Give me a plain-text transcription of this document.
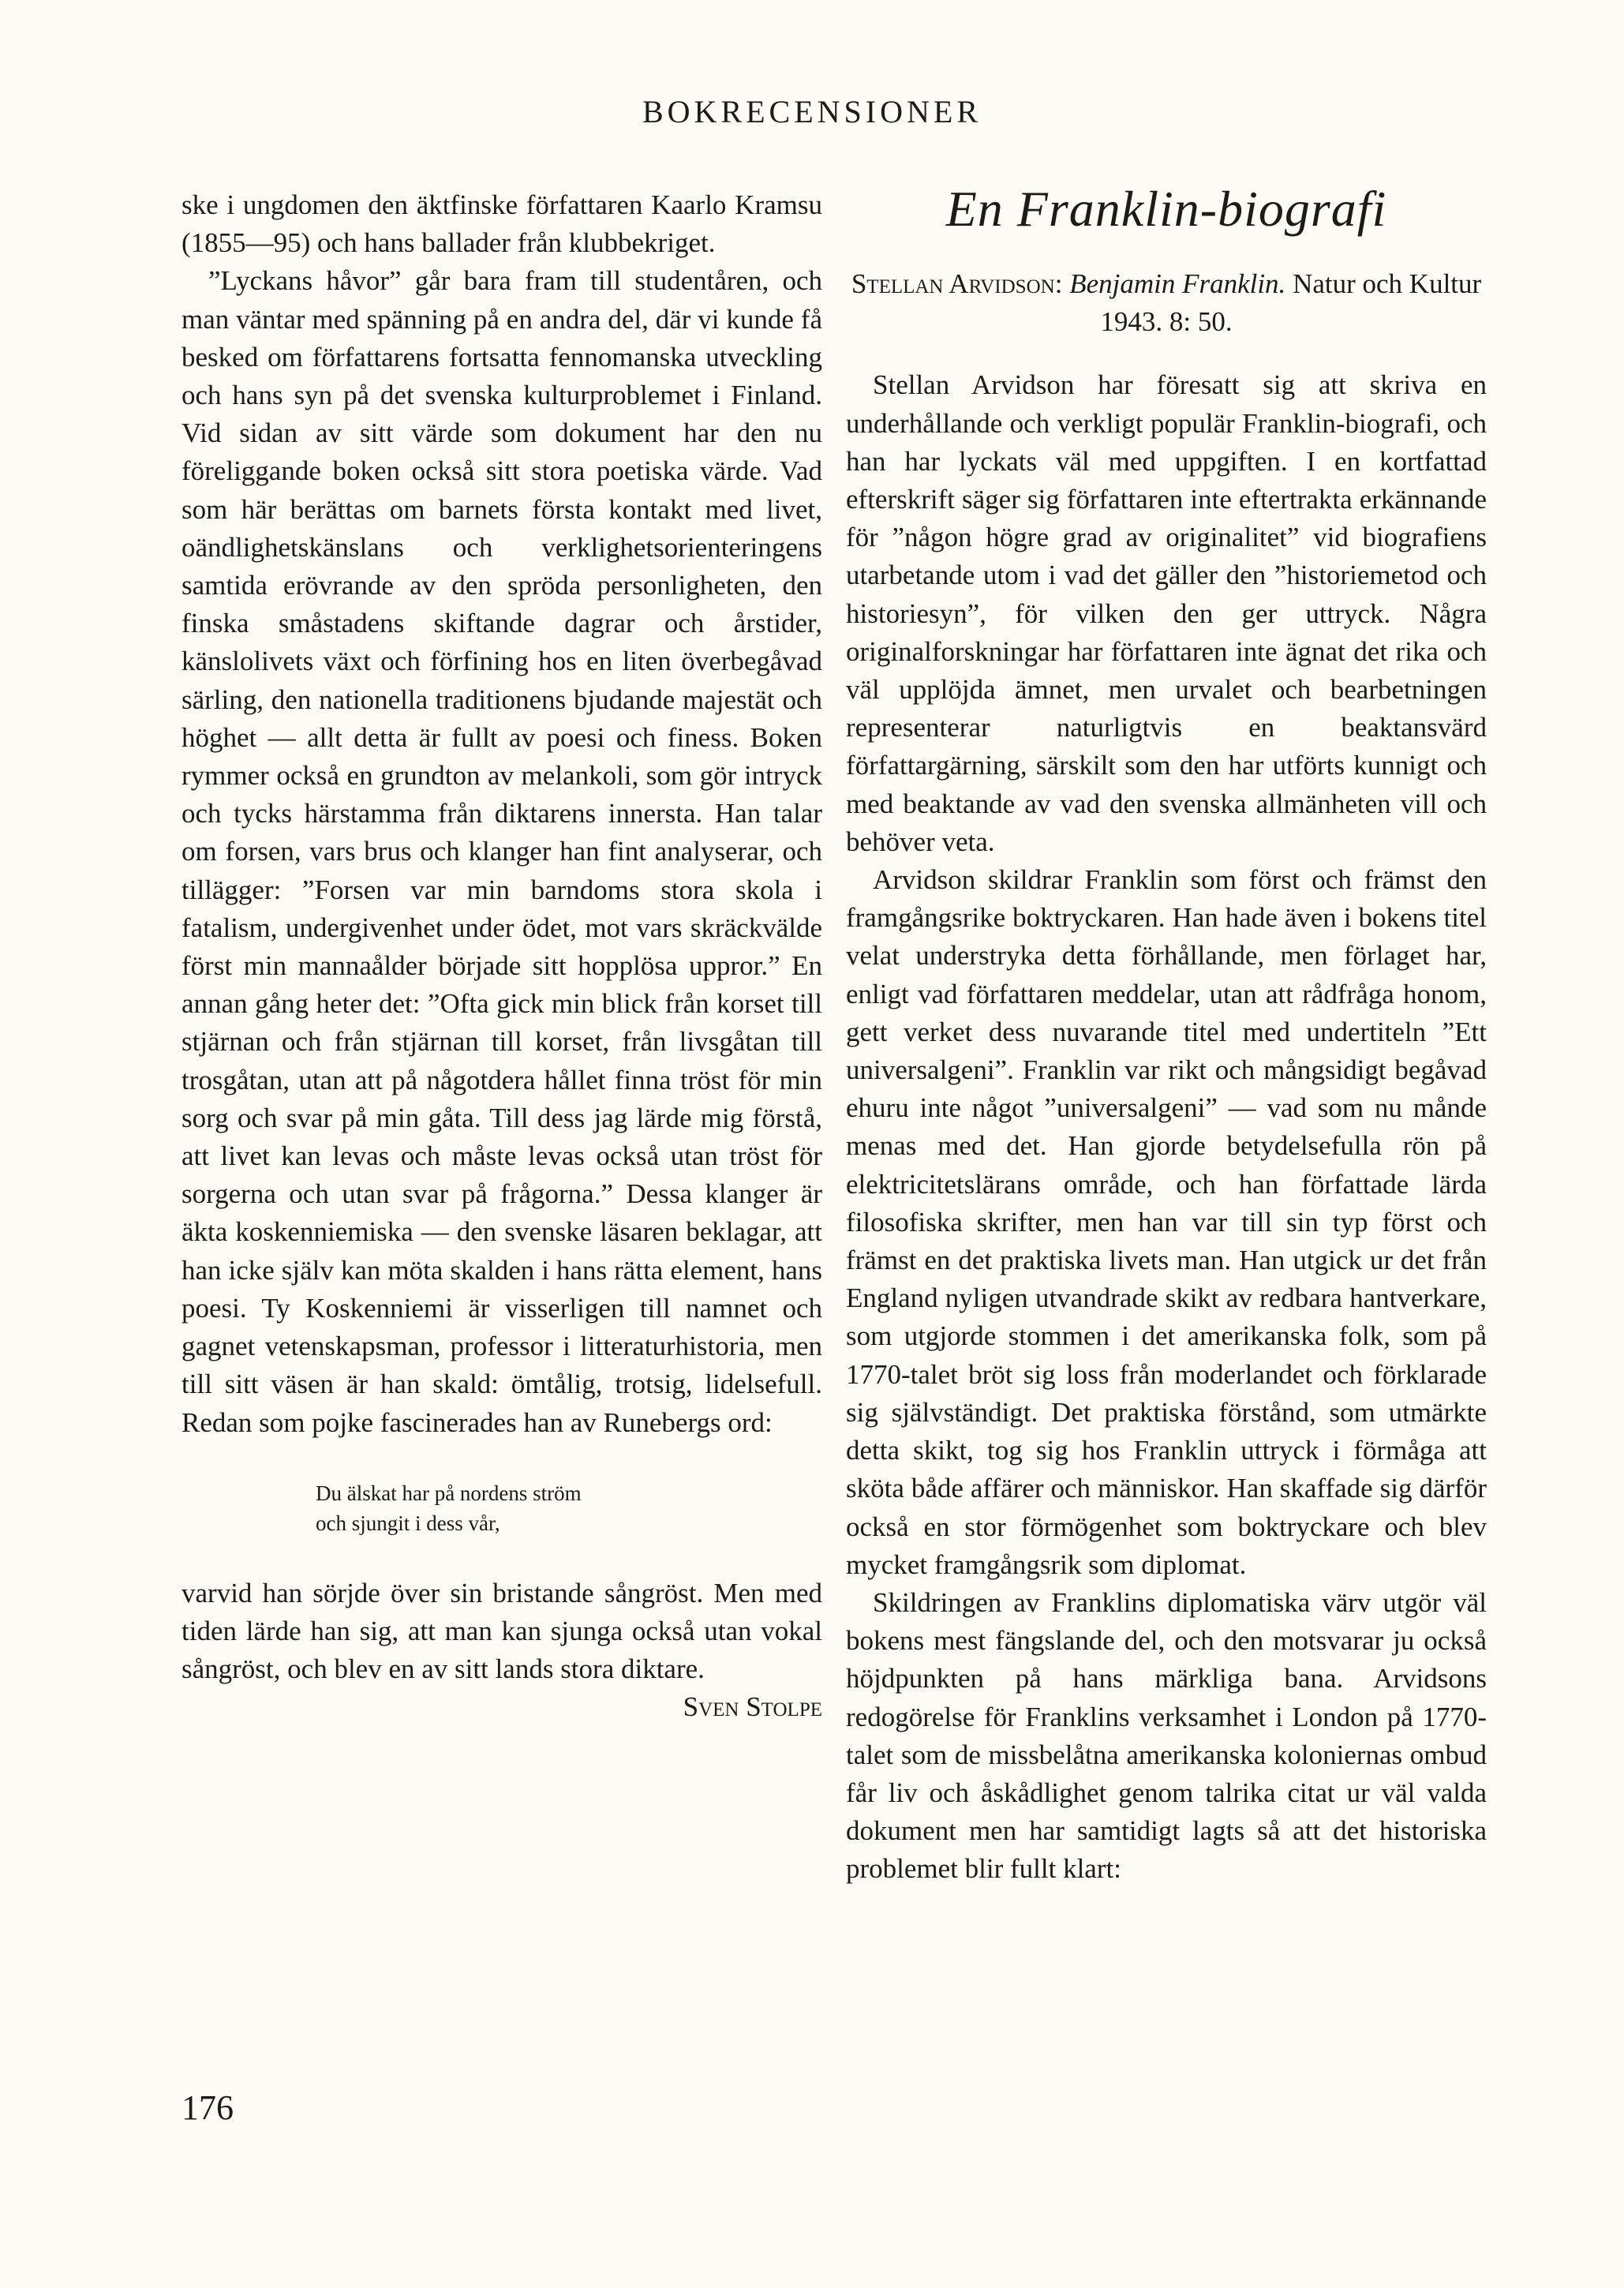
BOKRECENSIONER

ske i ungdomen den äktfinske författaren Kaarlo Kramsu (1855—95) och hans ballader från klubbekriget.

”Lyckans håvor” går bara fram till studentåren, och man väntar med spänning på en andra del, där vi kunde få besked om författarens fortsatta fennomanska utveckling och hans syn på det svenska kulturproblemet i Finland. Vid sidan av sitt värde som dokument har den nu föreliggande boken också sitt stora poetiska värde. Vad som här berättas om barnets första kontakt med livet, oändlighetskänslans och verklighetsorienteringens samtida erövrande av den spröda personligheten, den finska småstadens skiftande dagrar och årstider, känslolivets växt och förfining hos en liten överbegåvad särling, den nationella traditionens bjudande majestät och höghet — allt detta är fullt av poesi och finess. Boken rymmer också en grundton av melankoli, som gör intryck och tycks härstamma från diktarens innersta. Han talar om forsen, vars brus och klanger han fint analyserar, och tillägger: ”Forsen var min barndoms stora skola i fatalism, undergivenhet under ödet, mot vars skräckvälde först min mannaålder började sitt hopplösa uppror.” En annan gång heter det: ”Ofta gick min blick från korset till stjärnan och från stjärnan till korset, från livsgåtan till trosgåtan, utan att på någotdera hållet finna tröst för min sorg och svar på min gåta. Till dess jag lärde mig förstå, att livet kan levas och måste levas också utan tröst för sorgerna och utan svar på frågorna.” Dessa klanger är äkta koskenniemiska — den svenske läsaren beklagar, att han icke själv kan möta skalden i hans rätta element, hans poesi. Ty Koskenniemi är visserligen till namnet och gagnet vetenskapsman, professor i litteraturhistoria, men till sitt väsen är han skald: ömtålig, trotsig, lidelsefull. Redan som pojke fascinerades han av Runebergs ord:

Du älskat har på nordens ström
och sjungit i dess vår,

varvid han sörjde över sin bristande sångröst. Men med tiden lärde han sig, att man kan sjunga också utan vokal sångröst, och blev en av sitt lands stora diktare.
Sven Stolpe

En Franklin-biografi
Stellan Arvidson: Benjamin Franklin. Natur och Kultur 1943. 8: 50.

Stellan Arvidson har föresatt sig att skriva en underhållande och verkligt populär Franklin-biografi, och han har lyckats väl med uppgiften. I en kortfattad efterskrift säger sig författaren inte eftertrakta erkännande för ”någon högre grad av originalitet” vid biografiens utarbetande utom i vad det gäller den ”historiemetod och historiesyn”, för vilken den ger uttryck. Några originalforskningar har författaren inte ägnat det rika och väl upplöjda ämnet, men urvalet och bearbetningen representerar naturligtvis en beaktansvärd författargärning, särskilt som den har utförts kunnigt och med beaktande av vad den svenska allmänheten vill och behöver veta.

Arvidson skildrar Franklin som först och främst den framgångsrike boktryckaren. Han hade även i bokens titel velat understryka detta förhållande, men förlaget har, enligt vad författaren meddelar, utan att rådfråga honom, gett verket dess nuvarande titel med undertiteln ”Ett universalgeni”. Franklin var rikt och mångsidigt begåvad ehuru inte något ”universalgeni” — vad som nu månde menas med det. Han gjorde betydelsefulla rön på elektricitetslärans område, och han författade lärda filosofiska skrifter, men han var till sin typ först och främst en det praktiska livets man. Han utgick ur det från England nyligen utvandrade skikt av redbara hantverkare, som utgjorde stommen i det amerikanska folk, som på 1770-talet bröt sig loss från moderlandet och förklarade sig självständigt. Det praktiska förstånd, som utmärkte detta skikt, tog sig hos Franklin uttryck i förmåga att sköta både affärer och människor. Han skaffade sig därför också en stor förmögenhet som boktryckare och blev mycket framgångsrik som diplomat.

Skildringen av Franklins diplomatiska värv utgör väl bokens mest fängslande del, och den motsvarar ju också höjdpunkten på hans märkliga bana. Arvidsons redogörelse för Franklins verksamhet i London på 1770-talet som de missbelåtna amerikanska koloniernas ombud får liv och åskådlighet genom talrika citat ur väl valda dokument men har samtidigt lagts så att det historiska problemet blir fullt klart:

176
